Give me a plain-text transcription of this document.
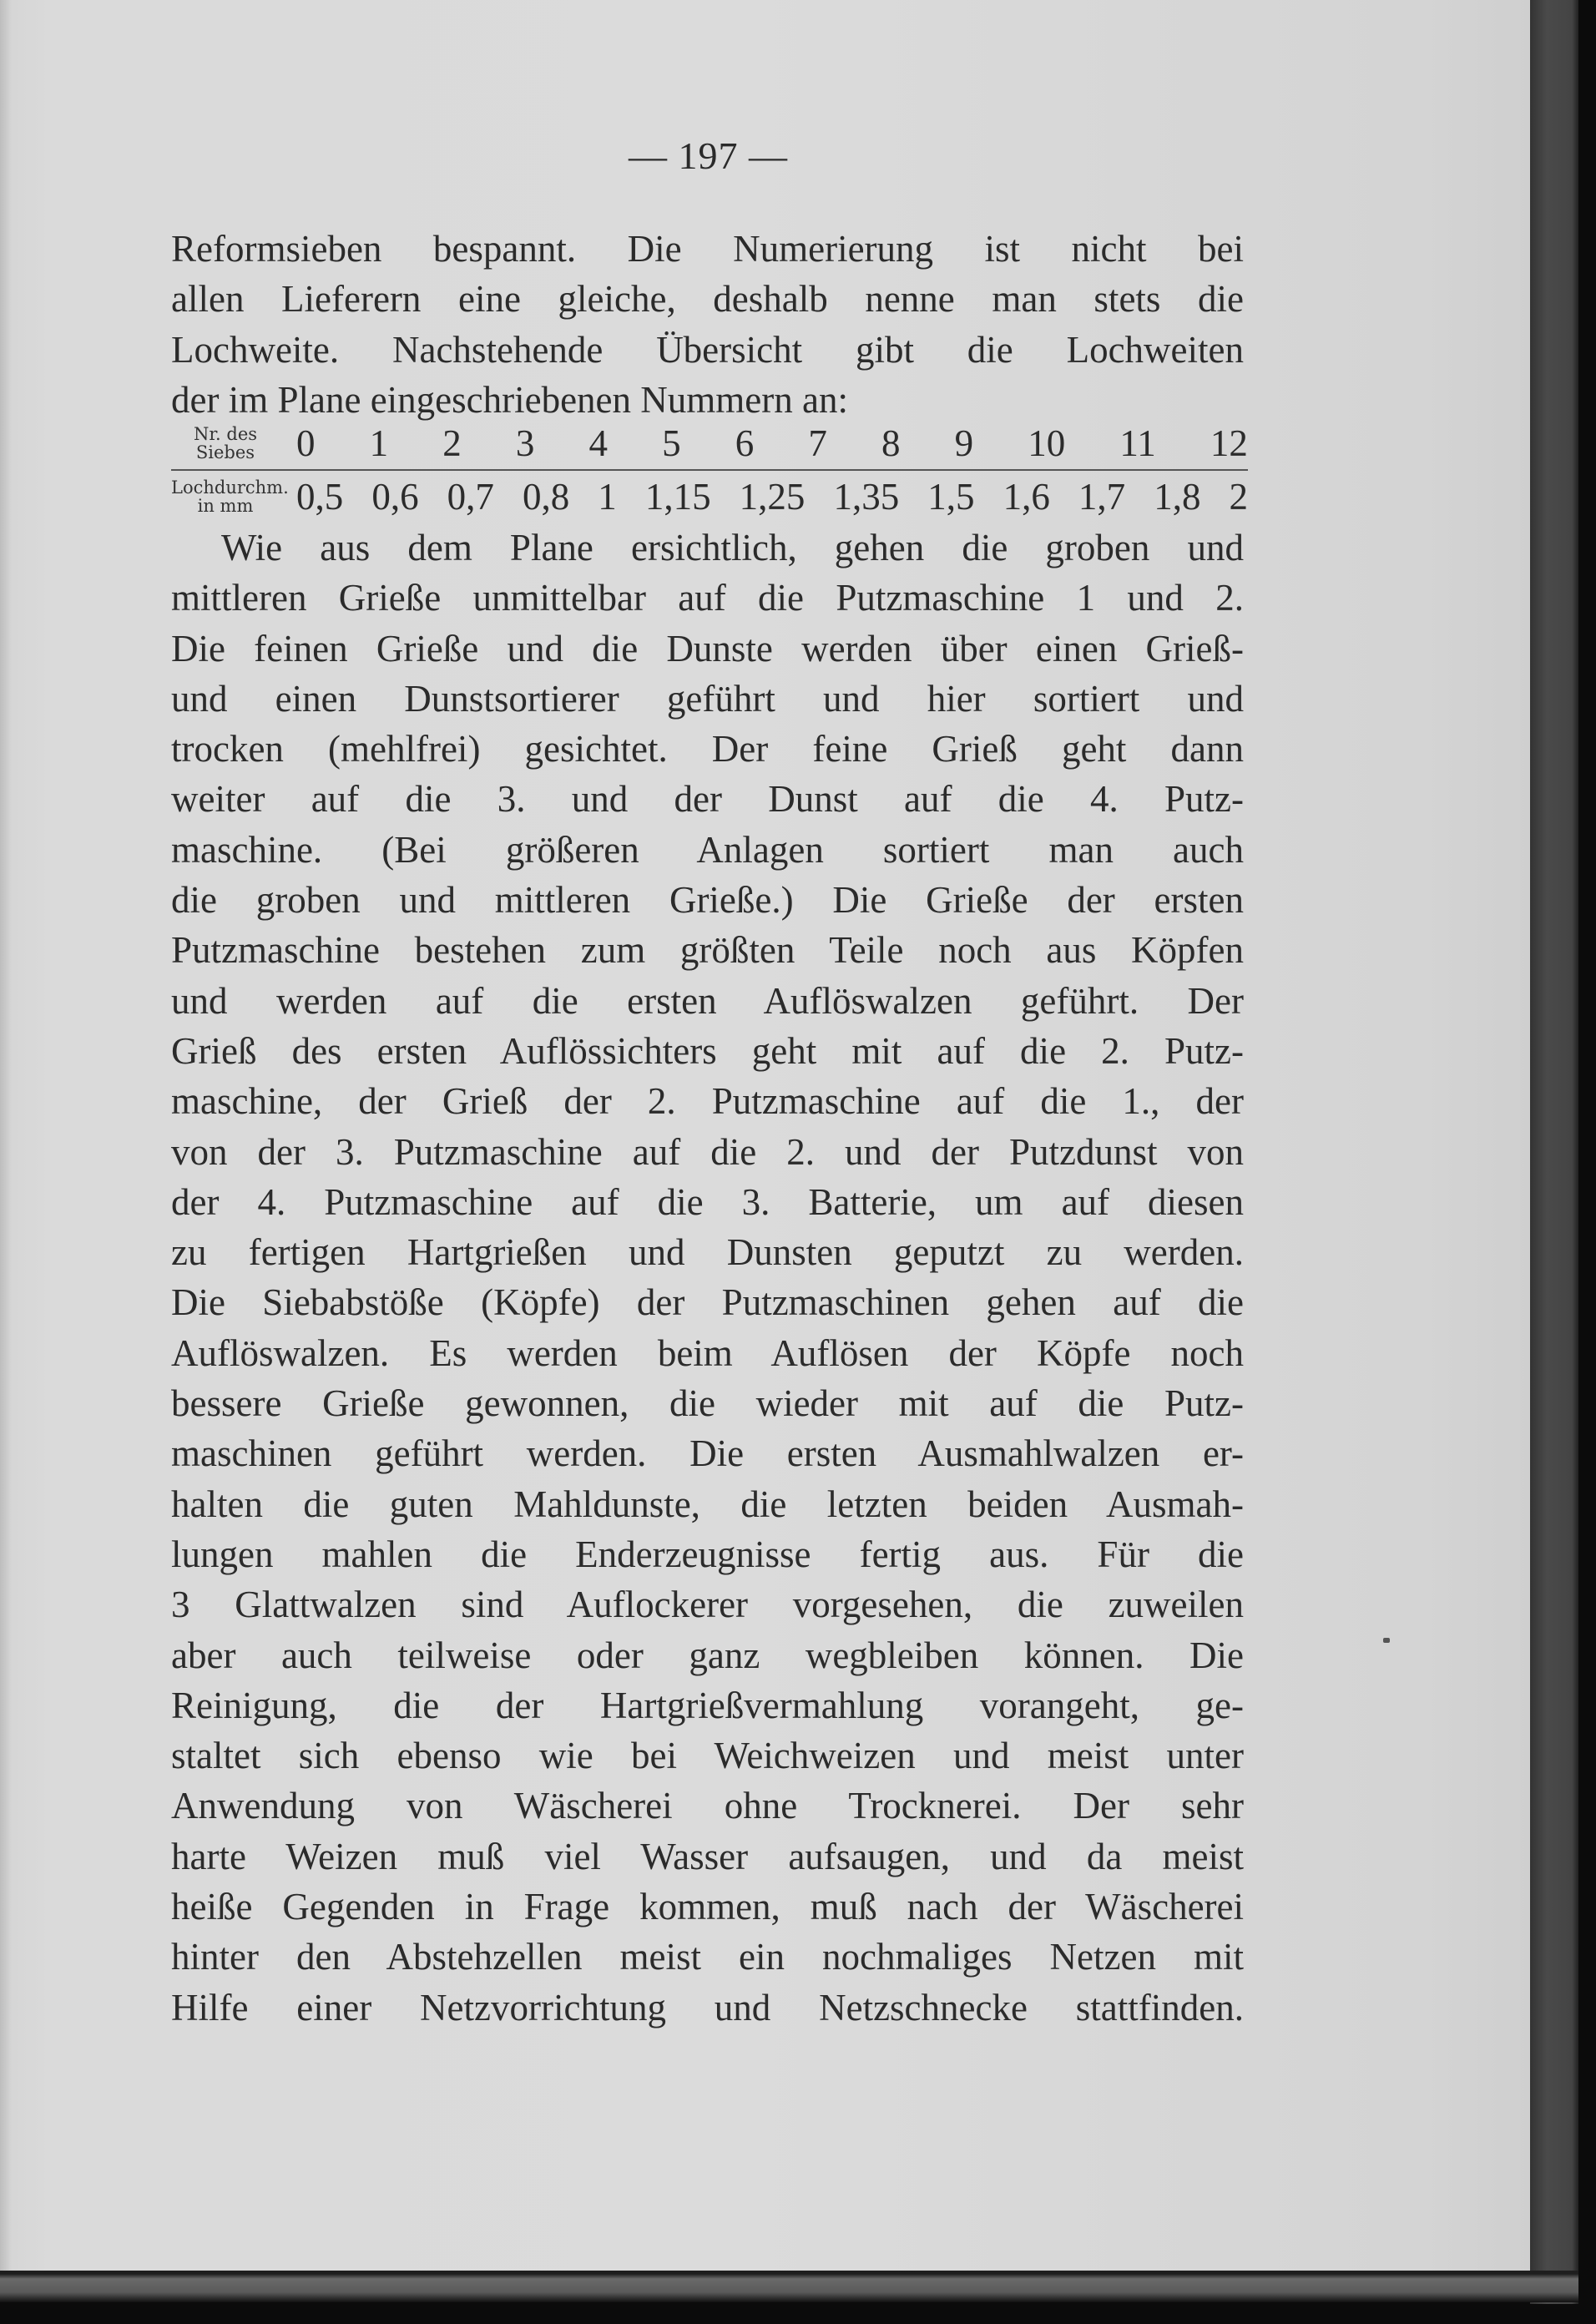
— 197 —
Reformsieben bespannt. Die Numerierung ist nicht bei
allen Lieferern eine gleiche, deshalb nenne man stets die
Lochweite. Nachstehende Übersicht gibt die Lochweiten
der im Plane eingeschriebenen Nummern an:
Nr. des
Siebes	0 1 2 3 4 5 6 7 8 9 10 11 12
Lochdurchm.
in mm	0,5 0,6 0,7 0,8 1 1,15 1,25 1,35 1,5 1,6 1,7 1,8 2
Wie aus dem Plane ersichtlich, gehen die groben und
mittleren Grieße unmittelbar auf die Putzmaschine 1 und 2.
Die feinen Grieße und die Dunste werden über einen Grieß-
und einen Dunstsortierer geführt und hier sortiert und
trocken (mehlfrei) gesichtet. Der feine Grieß geht dann
weiter auf die 3. und der Dunst auf die 4. Putz-
maschine. (Bei größeren Anlagen sortiert man auch
die groben und mittleren Grieße.) Die Grieße der ersten
Putzmaschine bestehen zum größten Teile noch aus Köpfen
und werden auf die ersten Auflöswalzen geführt. Der
Grieß des ersten Auflössichters geht mit auf die 2. Putz-
maschine, der Grieß der 2. Putzmaschine auf die 1., der
von der 3. Putzmaschine auf die 2. und der Putzdunst von
der 4. Putzmaschine auf die 3. Batterie, um auf diesen
zu fertigen Hartgrießen und Dunsten geputzt zu werden.
Die Siebabstöße (Köpfe) der Putzmaschinen gehen auf die
Auflöswalzen. Es werden beim Auflösen der Köpfe noch
bessere Grieße gewonnen, die wieder mit auf die Putz-
maschinen geführt werden. Die ersten Ausmahlwalzen er-
halten die guten Mahldunste, die letzten beiden Ausmah-
lungen mahlen die Enderzeugnisse fertig aus. Für die
3 Glattwalzen sind Auflockerer vorgesehen, die zuweilen
aber auch teilweise oder ganz wegbleiben können. Die
Reinigung, die der Hartgrießvermahlung vorangeht, ge-
staltet sich ebenso wie bei Weichweizen und meist unter
Anwendung von Wäscherei ohne Trocknerei. Der sehr
harte Weizen muß viel Wasser aufsaugen, und da meist
heiße Gegenden in Frage kommen, muß nach der Wäscherei
hinter den Abstehzellen meist ein nochmaliges Netzen mit
Hilfe einer Netzvorrichtung und Netzschnecke stattfinden.
